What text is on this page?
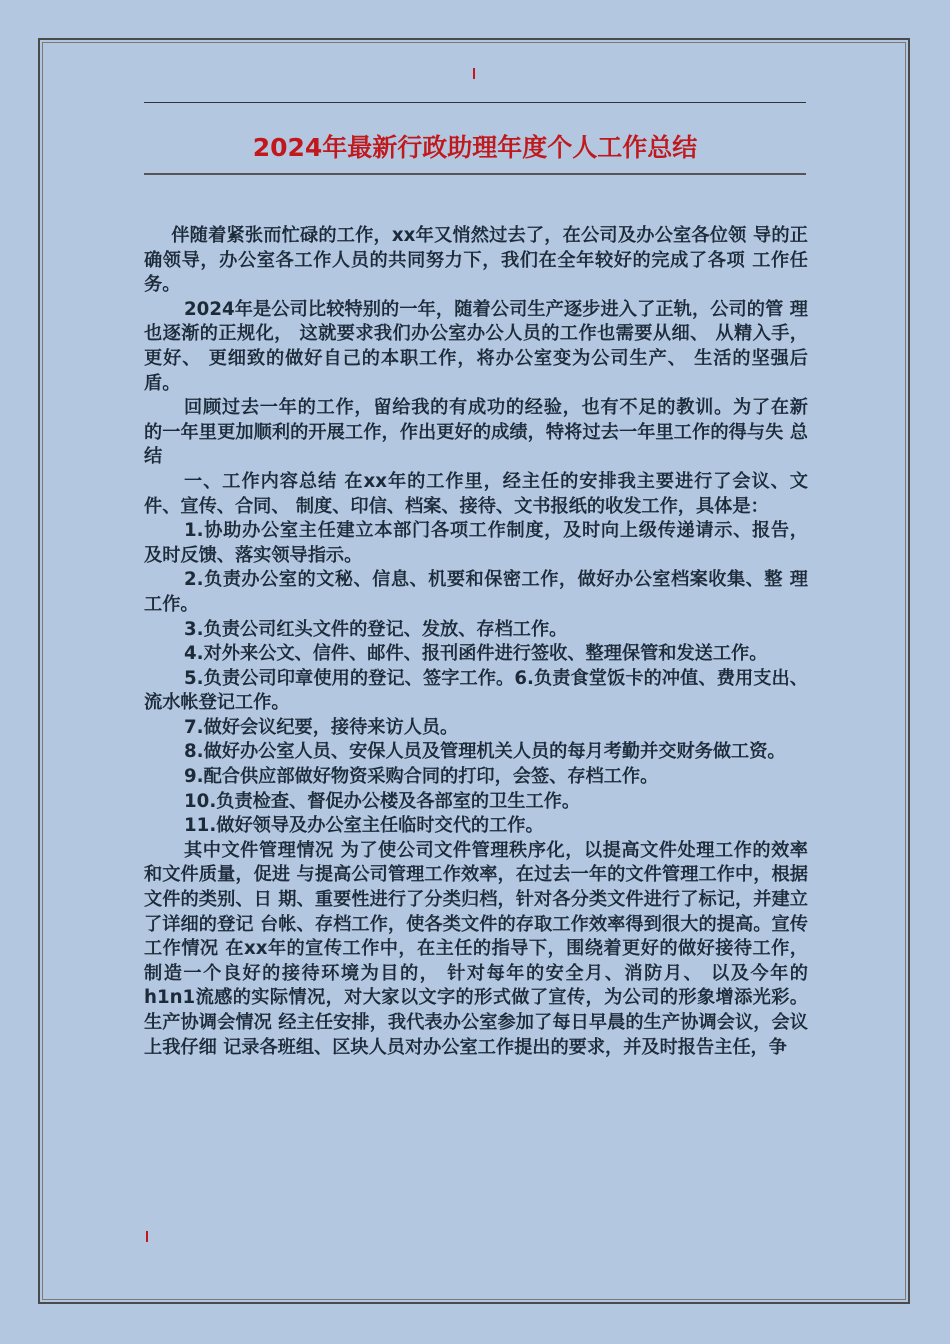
2024年最新行政助理年度个人工作总结

伴随着紧张而忙碌的工作，xx年又悄然过去了，在公司及办公室各位领 导的正确领导，办公室各工作人员的共同努力下，我们在全年较好的完成了各项 工作任务。

2024年是公司比较特别的一年，随着公司生产逐步进入了正轨，公司的管 理也逐渐的正规化， 这就要求我们办公室办公人员的工作也需要从细、 从精入手， 更好、 更细致的做好自己的本职工作，将办公室变为公司生产、 生活的坚强后盾。

回顾过去一年的工作，留给我的有成功的经验，也有不足的教训。为了在新 的一年里更加顺利的开展工作，作出更好的成绩，特将过去一年里工作的得与失 总结

一、工作内容总结 在xx年的工作里，经主任的安排我主要进行了会议、文件、宣传、合同、 制度、印信、档案、接待、文书报纸的收发工作，具体是：

1.协助办公室主任建立本部门各项工作制度，及时向上级传递请示、报告， 及时反馈、落实领导指示。

2.负责办公室的文秘、信息、机要和保密工作，做好办公室档案收集、整 理工作。

3.负责公司红头文件的登记、发放、存档工作。

4.对外来公文、信件、邮件、报刊函件进行签收、整理保管和发送工作。

5.负责公司印章使用的登记、签字工作。6.负责食堂饭卡的冲值、费用支出、流水帐登记工作。

7.做好会议纪要，接待来访人员。

8.做好办公室人员、安保人员及管理机关人员的每月考勤并交财务做工资。

9.配合供应部做好物资采购合同的打印，会签、存档工作。

10.负责检查、督促办公楼及各部室的卫生工作。

11.做好领导及办公室主任临时交代的工作。

其中文件管理情况 为了使公司文件管理秩序化，以提高文件处理工作的效率和文件质量，促进 与提高公司管理工作效率，在过去一年的文件管理工作中，根据文件的类别、日 期、重要性进行了分类归档，针对各分类文件进行了标记，并建立了详细的登记 台帐、存档工作，使各类文件的存取工作效率得到很大的提高。宣传工作情况 在xx年的宣传工作中，在主任的指导下，围绕着更好的做好接待工作， 制造一个良好的接待环境为目的， 针对每年的安全月、消防月、 以及今年的h1n1流感的实际情况，对大家以文字的形式做了宣传，为公司的形象增添光彩。生产协调会情况 经主任安排，我代表办公室参加了每日早晨的生产协调会议，会议上我仔细 记录各班组、区块人员对办公室工作提出的要求，并及时报告主任，争
